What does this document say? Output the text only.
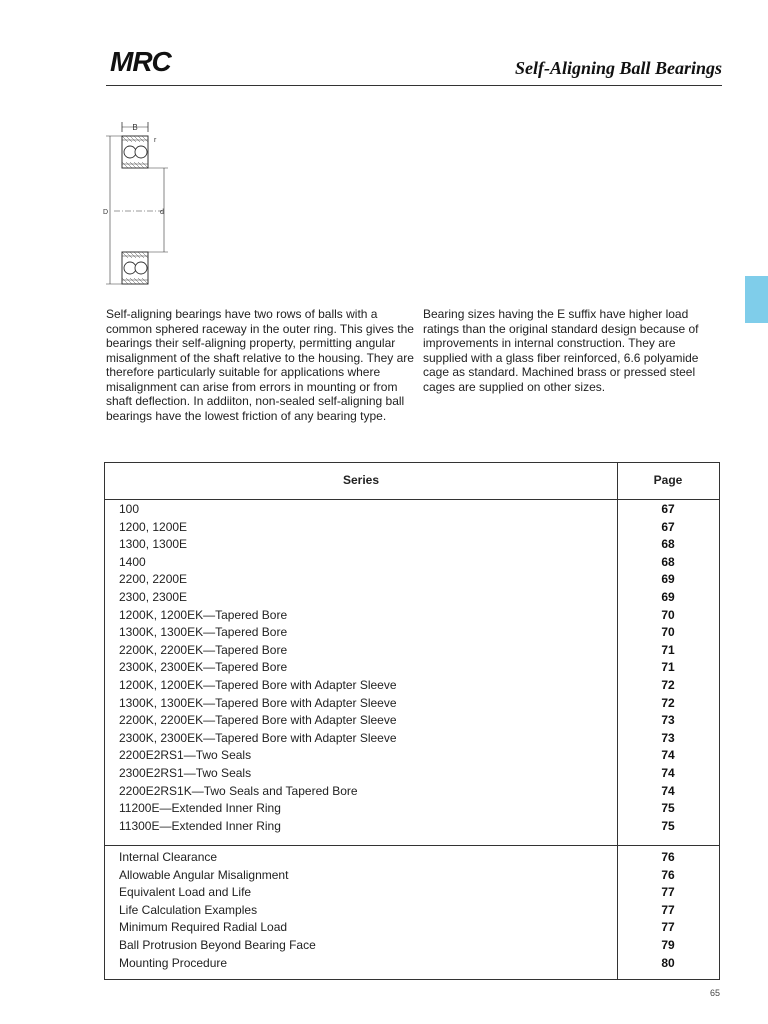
MRC	Self-Aligning Ball Bearings
B
r
D	d
Self-aligning bearings have two rows of balls with a common sphered raceway in the outer ring. This gives the bearings their self-aligning property, permitting angular misalignment of the shaft relative to the housing. They are therefore particularly suitable for applications where misalignment can arise from errors in mounting or from shaft deflection. In addiiton, non-sealed self-aligning ball bearings have the lowest friction of any bearing type.
Bearing sizes having the E suffix have higher load ratings than the original standard design because of improvements in internal construction. They are supplied with a glass fiber reinforced, 6.6 polyamide cage as standard. Machined brass or pressed steel cages are supplied on other sizes.
Series	Page
100	67
1200, 1200E	67
1300, 1300E	68
1400	68
2200, 2200E	69
2300, 2300E	69
1200K, 1200EK—Tapered Bore	70
1300K, 1300EK—Tapered Bore	70
2200K, 2200EK—Tapered Bore	71
2300K, 2300EK—Tapered Bore	71
1200K, 1200EK—Tapered Bore with Adapter Sleeve	72
1300K, 1300EK—Tapered Bore with Adapter Sleeve	72
2200K, 2200EK—Tapered Bore with Adapter Sleeve	73
2300K, 2300EK—Tapered Bore with Adapter Sleeve	73
2200E2RS1—Two Seals	74
2300E2RS1—Two Seals	74
2200E2RS1K—Two Seals and Tapered Bore	74
11200E—Extended Inner Ring	75
11300E—Extended Inner Ring	75
Internal Clearance	76
Allowable Angular Misalignment	76
Equivalent Load and Life	77
Life Calculation Examples	77
Minimum Required Radial Load	77
Ball Protrusion Beyond Bearing Face	79
Mounting Procedure	80
65
